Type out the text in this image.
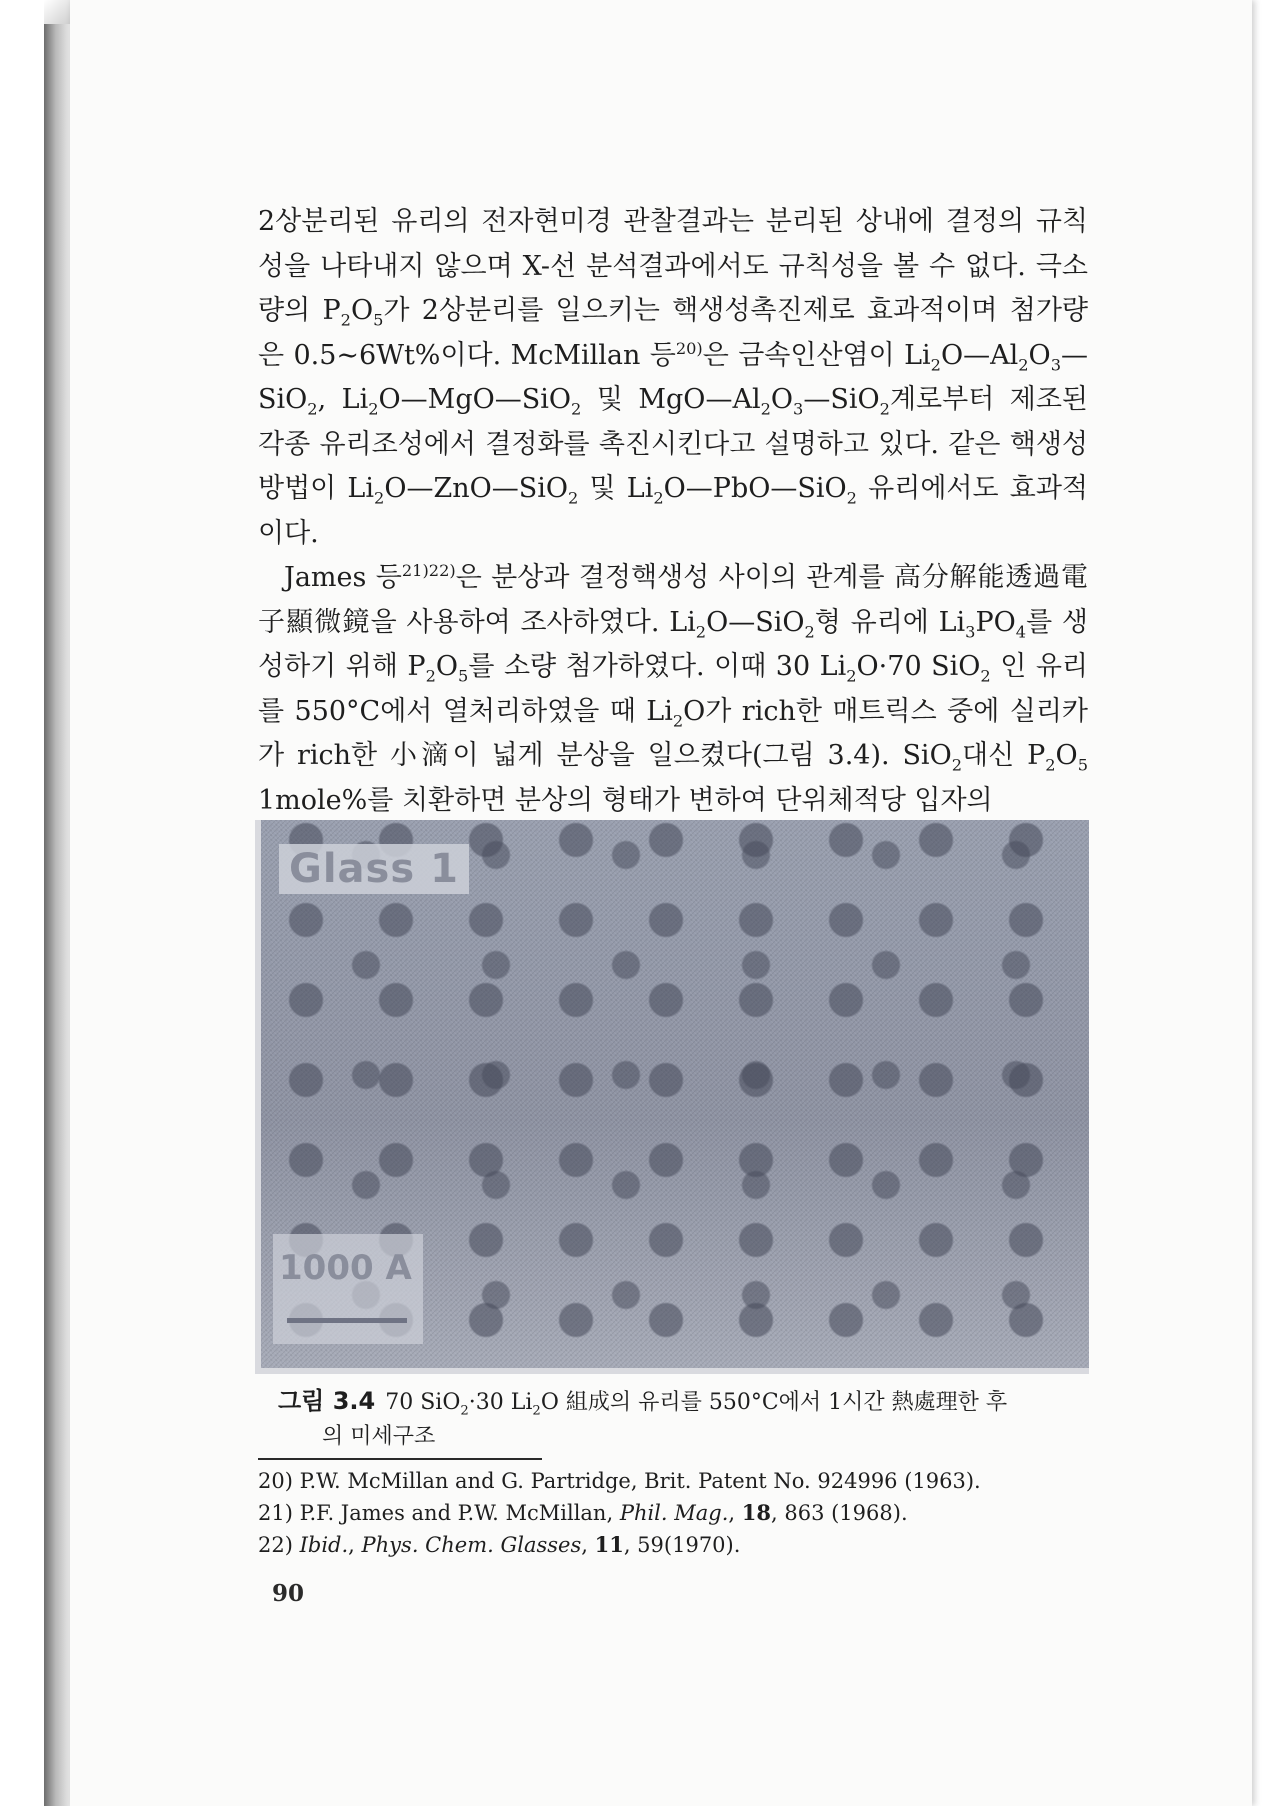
2상분리된 유리의 전자현미경 관찰결과는 분리된 상내에 결정의 규칙성을 나타내지 않으며 X-선 분석결과에서도 규칙성을 볼 수 없다. 극소량의 $P_2O_5$가 2상분리를 일으키는 핵생성촉진제로 효과적이며 첨가량은 0.5∼6Wt%이다. McMillan 등$^{20)}$은 금속인산염이 $Li_2O—Al_2O_3—SiO_2$, $Li_2O—MgO—SiO_2$ 및 $MgO—Al_2O_3—SiO_2$계로부터 제조된 각종 유리조성에서 결정화를 촉진시킨다고 설명하고 있다. 같은 핵생성방법이 $Li_2O—ZnO—SiO_2$ 및 $Li_2O—PbO—SiO_2$ 유리에서도 효과적이다.

James 등$^{21)22)}$은 분상과 결정핵생성 사이의 관계를 高分解能透過電子顯微鏡을 사용하여 조사하였다. $Li_2O—SiO_2$형 유리에 $Li_3PO_4$를 생성하기 위해 $P_2O_5$를 소량 첨가하였다. 이때 30 $Li_2O\cdot 70$ SiO$_2$ 인 유리를 550°C에서 열처리하였을 때 $Li_2O$가 rich한 매트릭스 중에 실리카가 rich한 小滴이 넓게 분상을 일으켰다(그림 3.4). SiO$_2$대신 $P_2O_5$ 1mole%를 치환하면 분상의 형태가 변하여 단위체적당 입자의

Glass 1
1000 A
그림 3.4 70 SiO$_2$·30 $Li_2O$ 組成의 유리를 550°C에서 1시간 熱處理한 후
의 미세구조

20) P.W. McMillan and G. Partridge, Brit. Patent No. 924996 (1963).

21) P.F. James and P.W. McMillan, Phil. Mag., 18, 863 (1968).

22) Ibid., Phys. Chem. Glasses, 11, 59(1970).

90
